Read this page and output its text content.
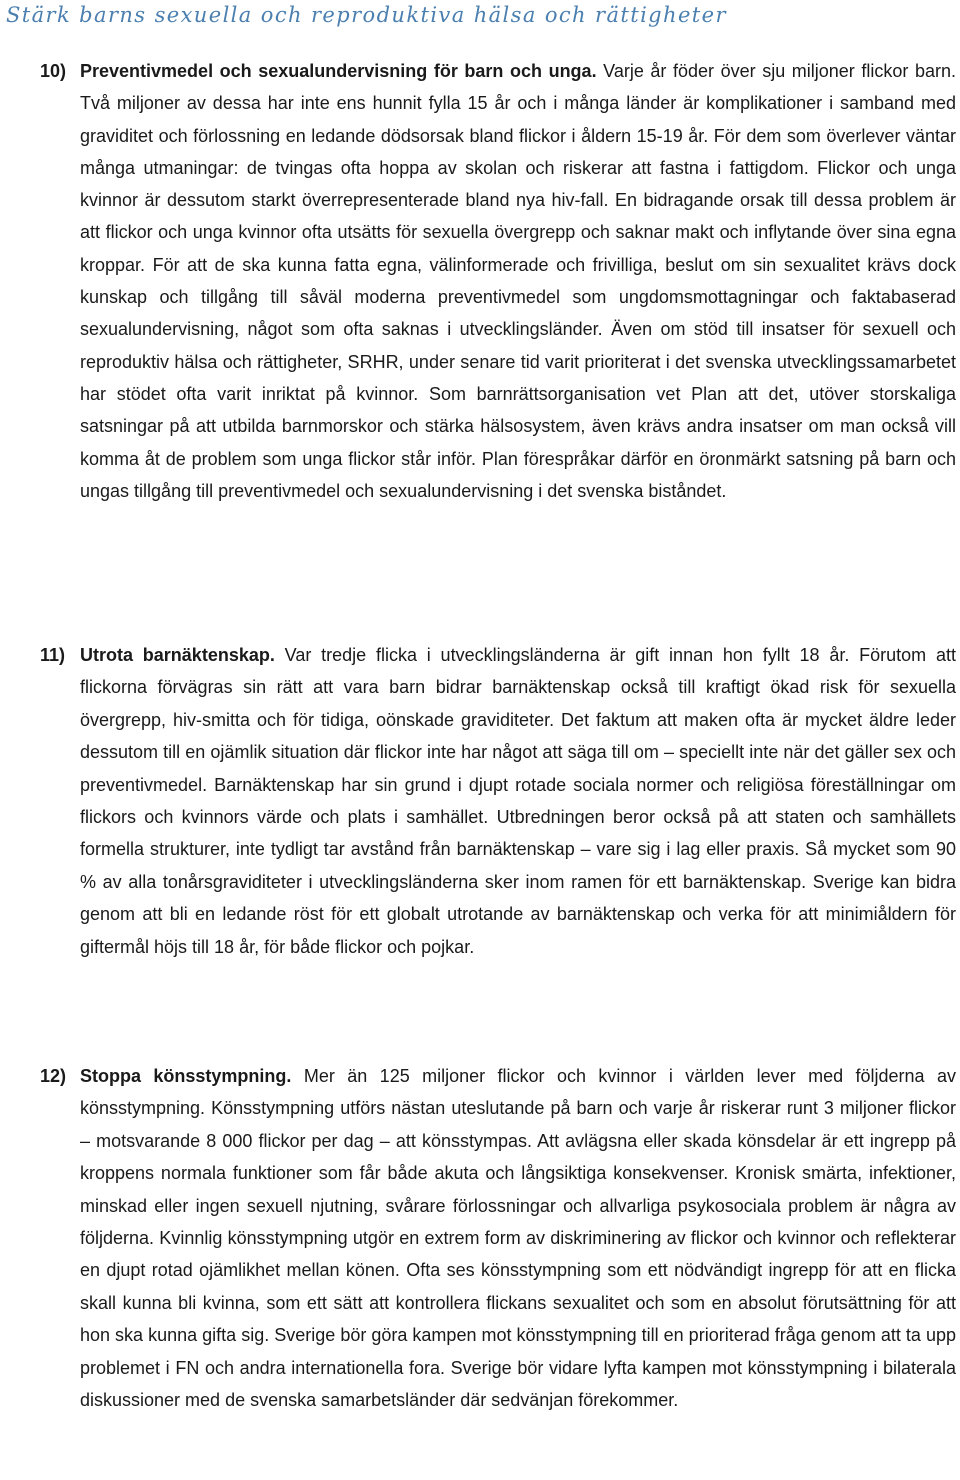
Stärk barns sexuella och reproduktiva hälsa och rättigheter
10) Preventivmedel och sexualundervisning för barn och unga. Varje år föder över sju miljoner flickor barn. Två miljoner av dessa har inte ens hunnit fylla 15 år och i många länder är komplikationer i samband med graviditet och förlossning en ledande dödsorsak bland flickor i åldern 15-19 år. För dem som överlever väntar många utmaningar: de tvingas ofta hoppa av skolan och riskerar att fastna i fattigdom. Flickor och unga kvinnor är dessutom starkt överrepresenterade bland nya hiv-fall. En bidragande orsak till dessa problem är att flickor och unga kvinnor ofta utsätts för sexuella övergrepp och saknar makt och inflytande över sina egna kroppar. För att de ska kunna fatta egna, välinformerade och frivilliga, beslut om sin sexualitet krävs dock kunskap och tillgång till såväl moderna preventivmedel som ungdomsmottagningar och faktabaserad sexualundervisning, något som ofta saknas i utvecklingsländer. Även om stöd till insatser för sexuell och reproduktiv hälsa och rättigheter, SRHR, under senare tid varit prioriterat i det svenska utvecklingssamarbetet har stödet ofta varit inriktat på kvinnor. Som barnrättsorganisation vet Plan att det, utöver storskaliga satsningar på att utbilda barnmorskor och stärka hälsosystem, även krävs andra insatser om man också vill komma åt de problem som unga flickor står inför. Plan förespråkar därför en öronmärkt satsning på barn och ungas tillgång till preventivmedel och sexualundervisning i det svenska biståndet.

11) Utrota barnäktenskap. Var tredje flicka i utvecklingsländerna är gift innan hon fyllt 18 år. Förutom att flickorna förvägras sin rätt att vara barn bidrar barnäktenskap också till kraftigt ökad risk för sexuella övergrepp, hiv-smitta och för tidiga, oönskade graviditeter. Det faktum att maken ofta är mycket äldre leder dessutom till en ojämlik situation där flickor inte har något att säga till om – speciellt inte när det gäller sex och preventivmedel. Barnäktenskap har sin grund i djupt rotade sociala normer och religiösa föreställningar om flickors och kvinnors värde och plats i samhället. Utbredningen beror också på att staten och samhällets formella strukturer, inte tydligt tar avstånd från barnäktenskap – vare sig i lag eller praxis. Så mycket som 90 % av alla tonårsgraviditeter i utvecklingsländerna sker inom ramen för ett barnäktenskap. Sverige kan bidra genom att bli en ledande röst för ett globalt utrotande av barnäktenskap och verka för att minimiåldern för giftermål höjs till 18 år, för både flickor och pojkar.

12) Stoppa könsstympning. Mer än 125 miljoner flickor och kvinnor i världen lever med följderna av könsstympning. Könsstympning utförs nästan uteslutande på barn och varje år riskerar runt 3 miljoner flickor – motsvarande 8 000 flickor per dag – att könsstympas. Att avlägsna eller skada könsdelar är ett ingrepp på kroppens normala funktioner som får både akuta och långsiktiga konsekvenser. Kronisk smärta, infektioner, minskad eller ingen sexuell njutning, svårare förlossningar och allvarliga psykosociala problem är några av följderna. Kvinnlig könsstympning utgör en extrem form av diskriminering av flickor och kvinnor och reflekterar en djupt rotad ojämlikhet mellan könen. Ofta ses könsstympning som ett nödvändigt ingrepp för att en flicka skall kunna bli kvinna, som ett sätt att kontrollera flickans sexualitet och som en absolut förutsättning för att hon ska kunna gifta sig. Sverige bör göra kampen mot könsstympning till en prioriterad fråga genom att ta upp problemet i FN och andra internationella fora. Sverige bör vidare lyfta kampen mot könsstympning i bilaterala diskussioner med de svenska samarbetsländer där sedvänjan förekommer.
